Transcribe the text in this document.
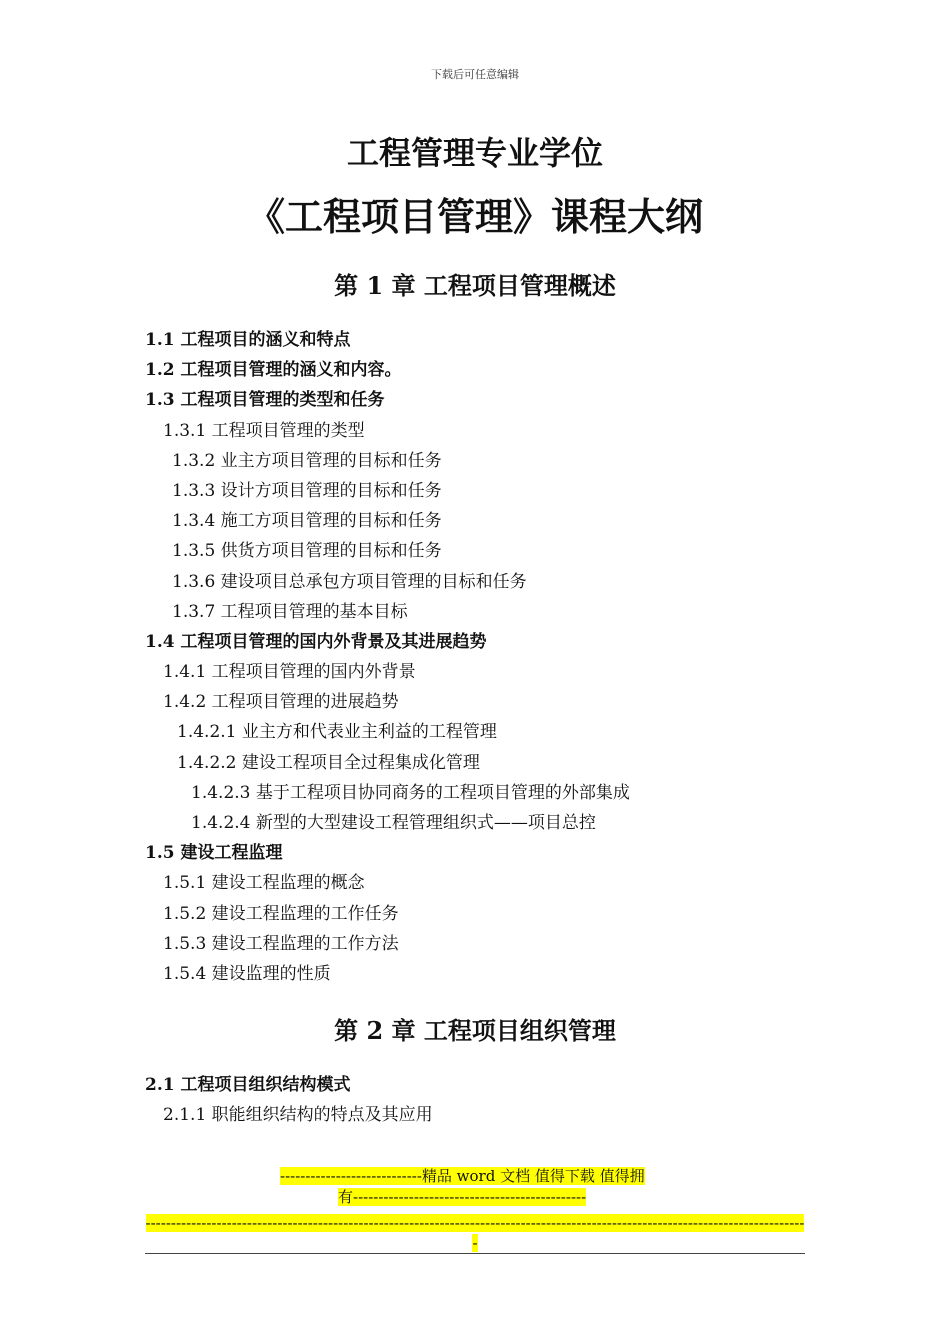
下载后可任意编辑
工程管理专业学位
《工程项目管理》课程大纲
第 1 章 工程项目管理概述
1.1 工程项目的涵义和特点
1.2 工程项目管理的涵义和内容。
1.3 工程项目管理的类型和任务
1.3.1 工程项目管理的类型
1.3.2 业主方项目管理的目标和任务
1.3.3 设计方项目管理的目标和任务
1.3.4 施工方项目管理的目标和任务
1.3.5 供货方项目管理的目标和任务
1.3.6 建设项目总承包方项目管理的目标和任务
1.3.7 工程项目管理的基本目标
1.4 工程项目管理的国内外背景及其进展趋势
1.4.1 工程项目管理的国内外背景
1.4.2 工程项目管理的进展趋势
1.4.2.1 业主方和代表业主利益的工程管理
1.4.2.2 建设工程项目全过程集成化管理
1.4.2.3 基于工程项目协同商务的工程项目管理的外部集成
1.4.2.4 新型的大型建设工程管理组织式——项目总控
1.5 建设工程监理
1.5.1 建设工程监理的概念
1.5.2 建设工程监理的工作任务
1.5.3 建设工程监理的工作方法
1.5.4 建设监理的性质
第 2 章 工程项目组织管理
2.1 工程项目组织结构模式
2.1.1 职能组织结构的特点及其应用
----------------------------精品 word 文档 值得下载 值得拥
有----------------------------------------------
-----------------------------------------------------------------------------------------------------------------------------------
